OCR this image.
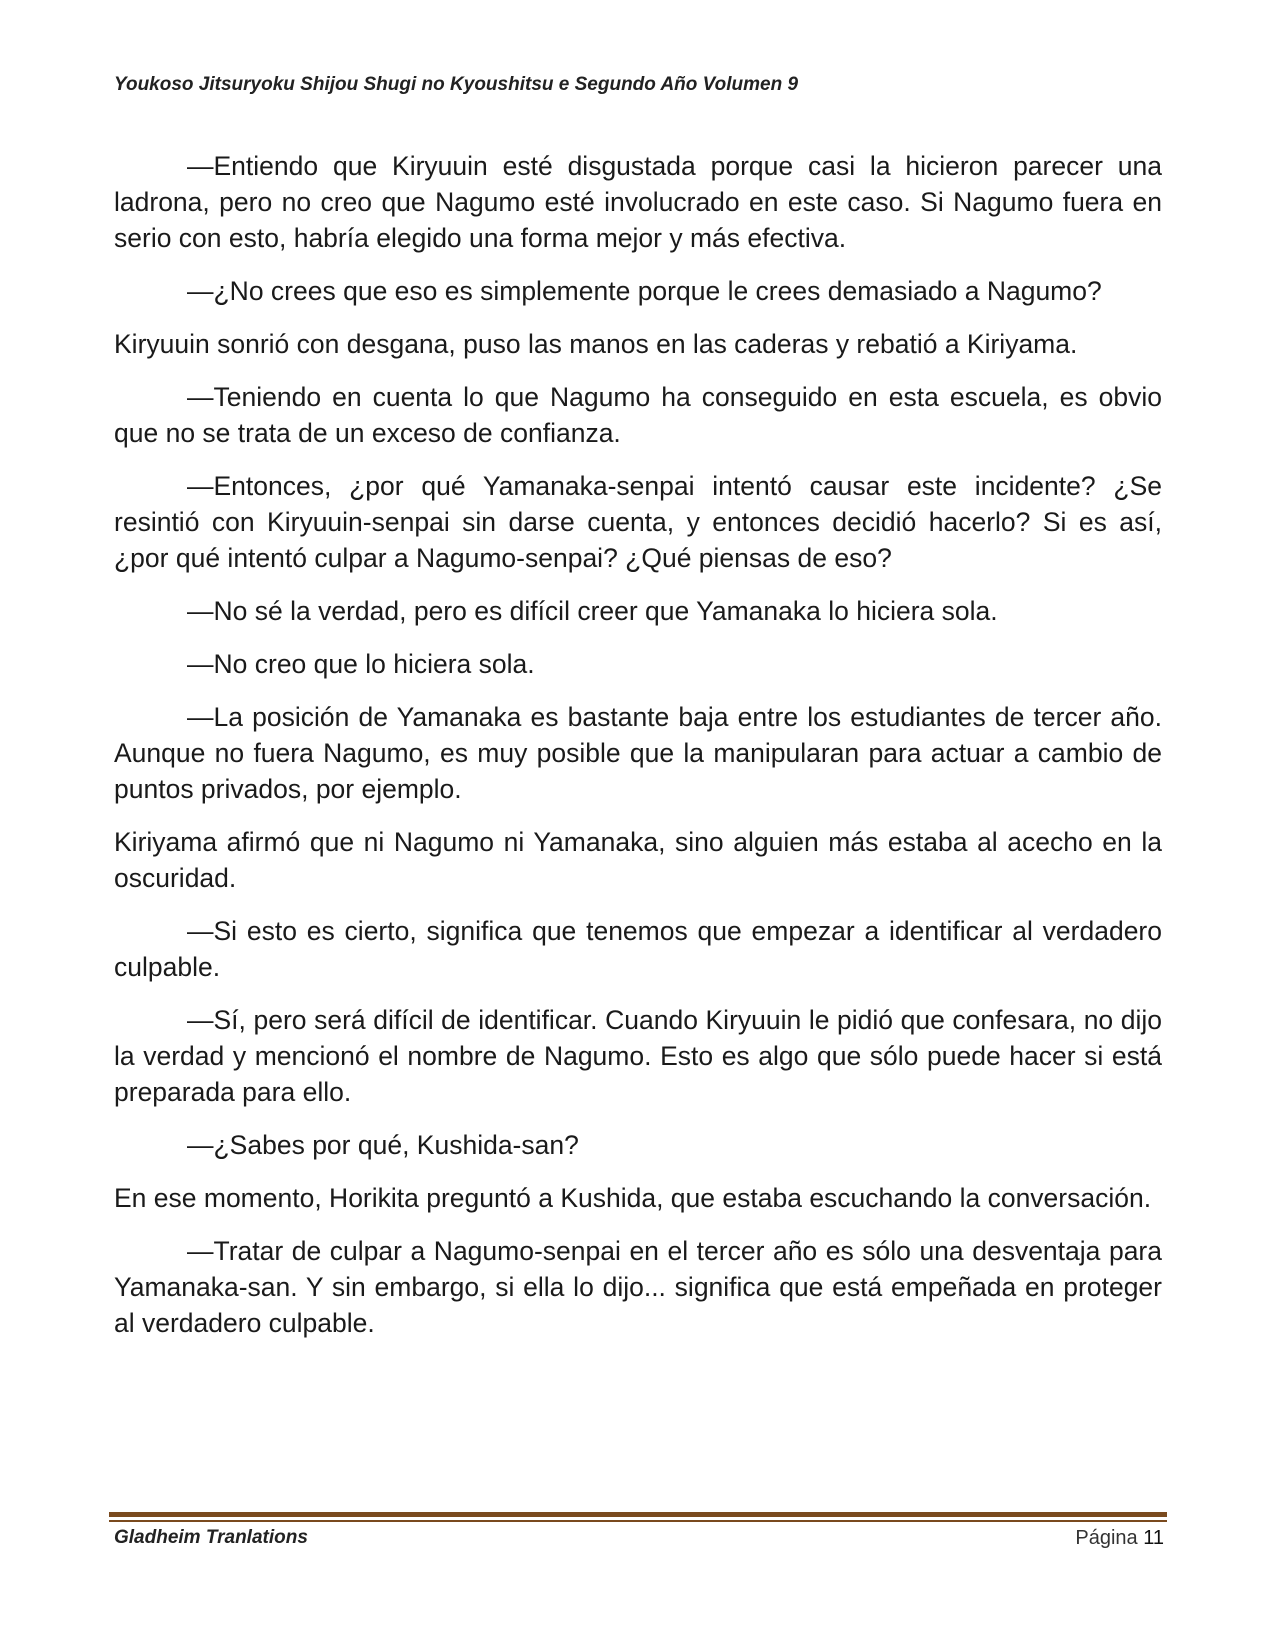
Youkoso Jitsuryoku Shijou Shugi no Kyoushitsu e Segundo Año Volumen 9

—Entiendo que Kiryuuin esté disgustada porque casi la hicieron parecer una ladrona, pero no creo que Nagumo esté involucrado en este caso. Si Nagumo fuera en serio con esto, habría elegido una forma mejor y más efectiva.

—¿No crees que eso es simplemente porque le crees demasiado a Nagumo?

Kiryuuin sonrió con desgana, puso las manos en las caderas y rebatió a Kiriyama.

—Teniendo en cuenta lo que Nagumo ha conseguido en esta escuela, es obvio que no se trata de un exceso de confianza.

—Entonces, ¿por qué Yamanaka-senpai intentó causar este incidente? ¿Se resintió con Kiryuuin-senpai sin darse cuenta, y entonces decidió hacerlo? Si es así, ¿por qué intentó culpar a Nagumo-senpai? ¿Qué piensas de eso?

—No sé la verdad, pero es difícil creer que Yamanaka lo hiciera sola.

—No creo que lo hiciera sola.

—La posición de Yamanaka es bastante baja entre los estudiantes de tercer año. Aunque no fuera Nagumo, es muy posible que la manipularan para actuar a cambio de puntos privados, por ejemplo.

Kiriyama afirmó que ni Nagumo ni Yamanaka, sino alguien más estaba al acecho en la oscuridad.

—Si esto es cierto, significa que tenemos que empezar a identificar al verdadero culpable.

—Sí, pero será difícil de identificar. Cuando Kiryuuin le pidió que confesara, no dijo la verdad y mencionó el nombre de Nagumo. Esto es algo que sólo puede hacer si está preparada para ello.

—¿Sabes por qué, Kushida-san?

En ese momento, Horikita preguntó a Kushida, que estaba escuchando la conversación.

—Tratar de culpar a Nagumo-senpai en el tercer año es sólo una desventaja para Yamanaka-san. Y sin embargo, si ella lo dijo... significa que está empeñada en proteger al verdadero culpable.

Gladheim Tranlations	Página 11
